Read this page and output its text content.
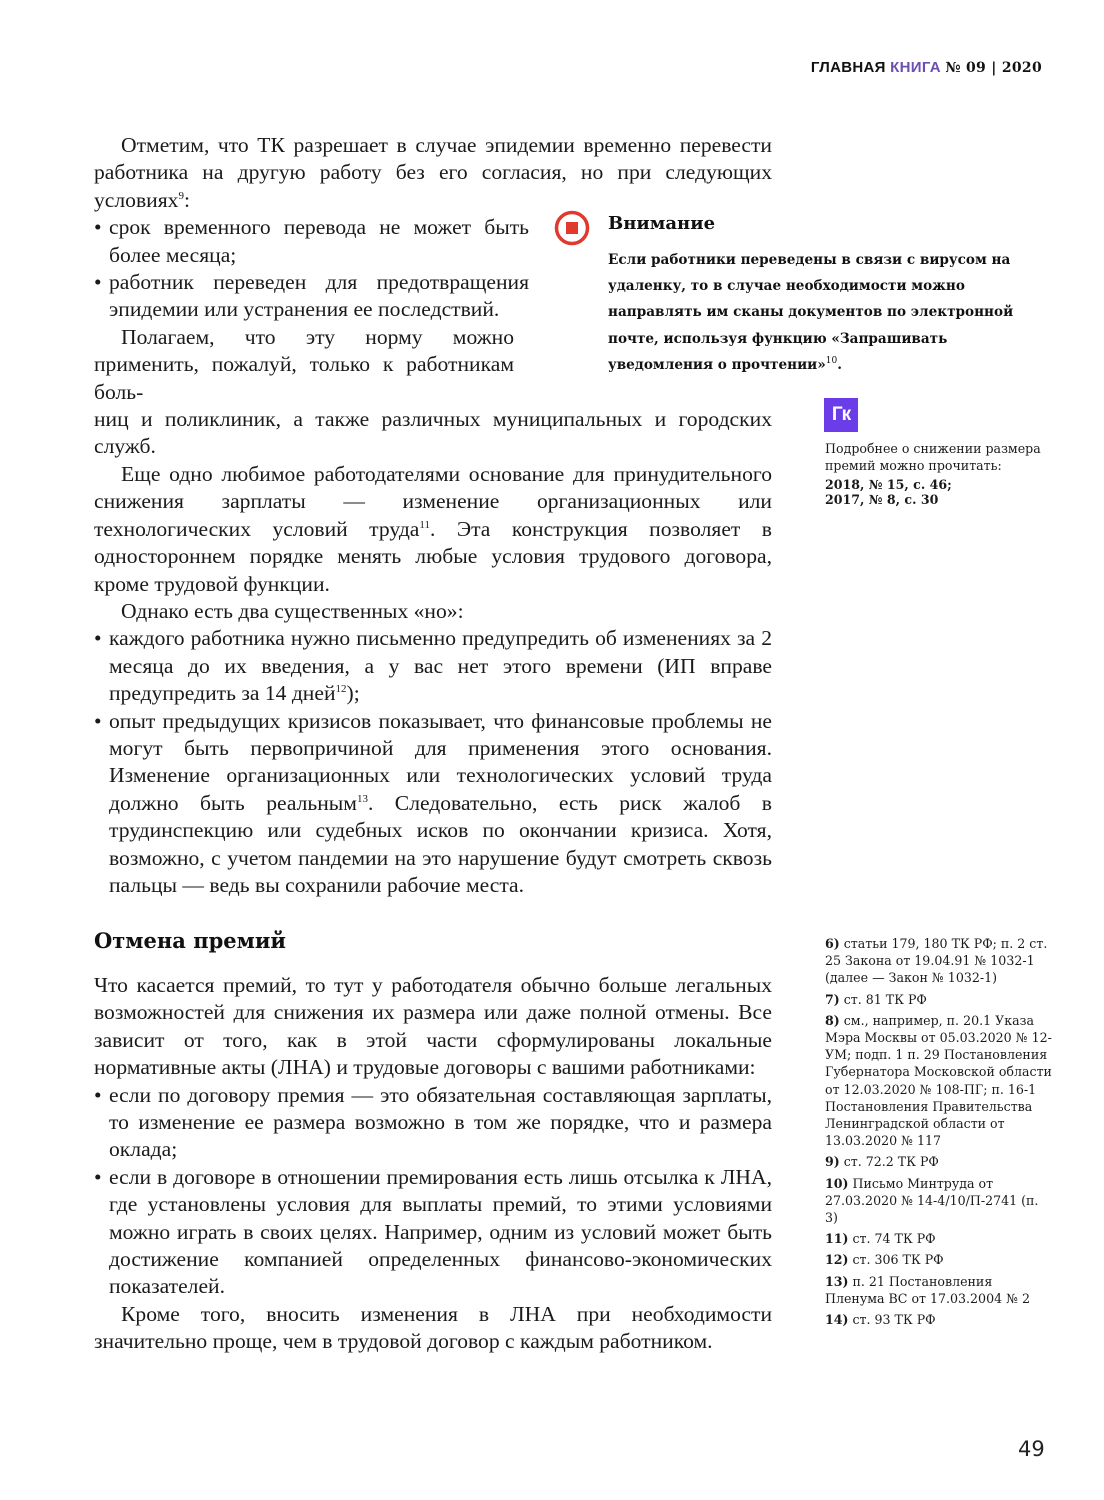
ГЛАВНАЯ КНИГА № 09 | 2020

Отметим, что ТК разрешает в случае эпидемии временно перевести работника на другую работу без его согласия, но при следующих условиях$^9$:

• срок временного перевода не может быть более месяца;

• работник переведен для предотвращения эпидемии или устранения ее последствий.

Полагаем, что эту норму можно применить, пожалуй, только к работникам боль-

ниц и поликлиник, а также различных муниципальных и городских служб.

Еще одно любимое работодателями основание для принудительного снижения зарплаты — изменение организационных или технологических условий труда$^{11}$. Эта конструкция позволяет в одностороннем порядке менять любые условия трудового договора, кроме трудовой функции.

Однако есть два существенных «но»:

• каждого работника нужно письменно предупредить об изменениях за 2 месяца до их введения, а у вас нет этого времени (ИП вправе предупредить за 14 дней$^{12}$);

• опыт предыдущих кризисов показывает, что финансовые проблемы не могут быть первопричиной для применения этого основания. Изменение организационных или технологических условий труда должно быть реальным$^{13}$. Следовательно, есть риск жалоб в трудинспекцию или судебных исков по окончании кризиса. Хотя, возможно, с учетом пандемии на это нарушение будут смотреть сквозь пальцы — ведь вы сохранили рабочие места.

Внимание
Если работники переведены в связи с вирусом на удаленку, то в случае необходимости можно направлять им сканы документов по электронной почте, используя функцию «Запрашивать уведомления о прочтении»$^{10}$.
Гк
Подробнее о снижении размера премий можно прочитать:
2018, № 15, с. 46;
2017, № 8, с. 30
Отмена премий

Что касается премий, то тут у работодателя обычно больше легальных возможностей для снижения их размера или даже полной отмены. Все зависит от того, как в этой части сформулированы локальные нормативные акты (ЛНА) и трудовые договоры с вашими работниками:

• если по договору премия — это обязательная составляющая зарплаты, то изменение ее размера возможно в том же порядке, что и размера оклада;

• если в договоре в отношении премирования есть лишь отсылка к ЛНА, где установлены условия для выплаты премий, то этими условиями можно играть в своих целях. Например, одним из условий может быть достижение компанией определенных финансово-экономических показателей.

Кроме того, вносить изменения в ЛНА при необходимости значительно проще, чем в трудовой договор с каждым работником.

6) статьи 179, 180 ТК РФ; п. 2 ст. 25 Закона от 19.04.91 № 1032-1 (далее — Закон № 1032-1)
7) ст. 81 ТК РФ
8) см., например, п. 20.1 Указа Мэра Москвы от 05.03.2020 № 12-УМ; подп. 1 п. 29 Постановления Губернатора Московской области от 12.03.2020 № 108-ПГ; п. 16-1 Постановления Правительства Ленинградской области от 13.03.2020 № 117
9) ст. 72.2 ТК РФ
10) Письмо Минтруда от 27.03.2020 № 14-4/10/П-2741 (п. 3)
11) ст. 74 ТК РФ
12) ст. 306 ТК РФ
13) п. 21 Постановления Пленума ВС от 17.03.2004 № 2
14) ст. 93 ТК РФ
49
